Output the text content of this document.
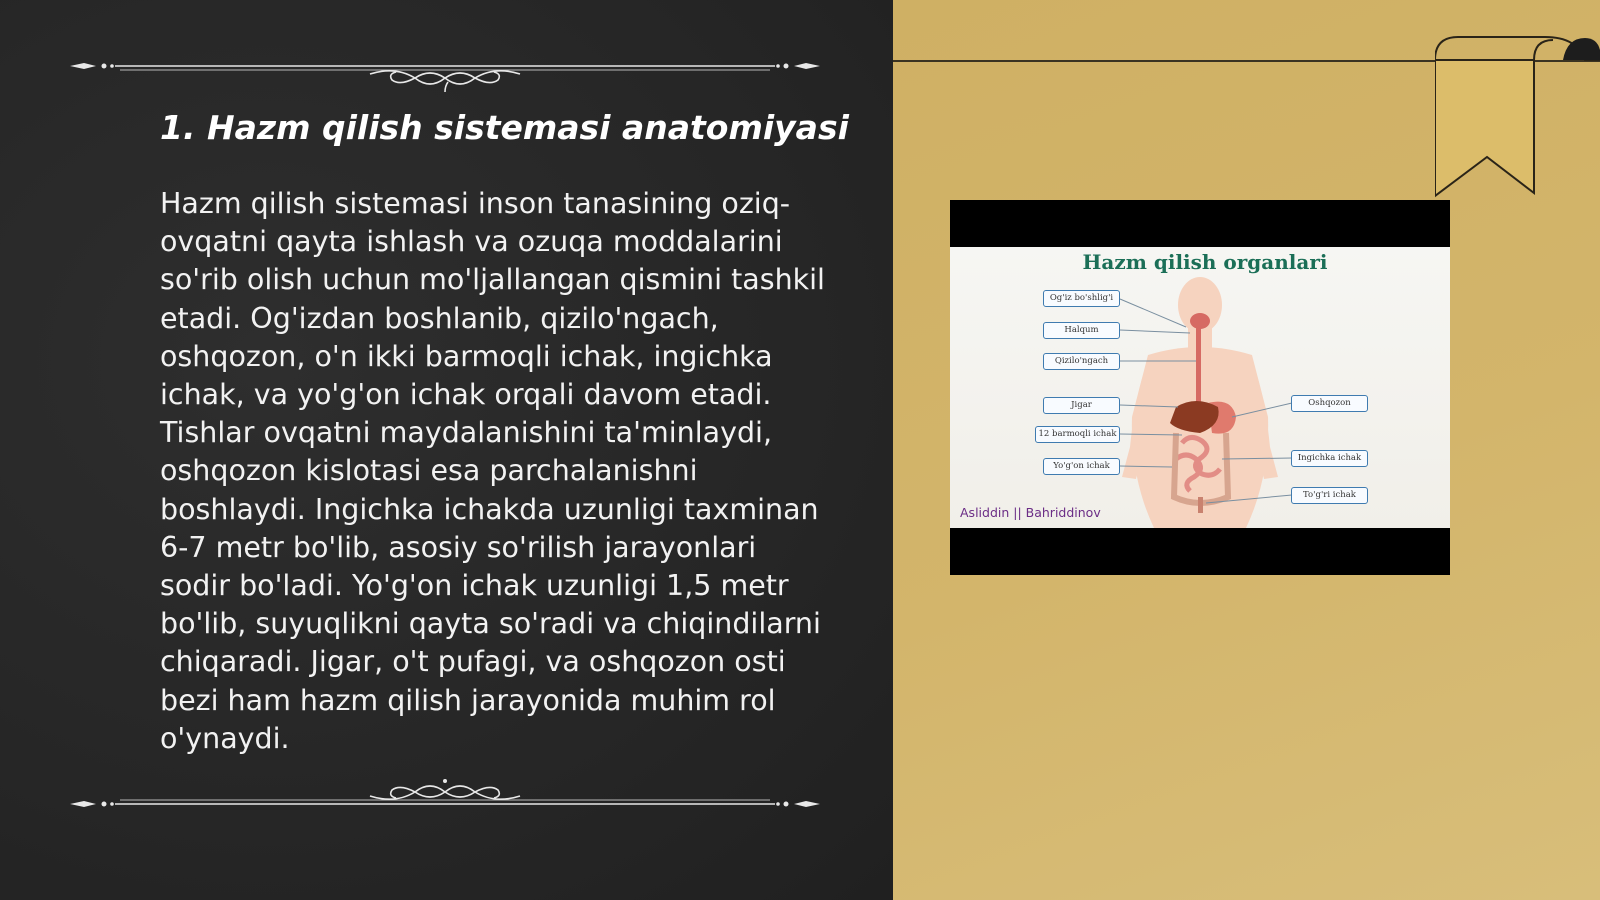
1. Hazm qilish sistemasi anatomiyasi

Hazm qilish sistemasi inson tanasining oziq-ovqatni qayta ishlash va ozuqa moddalarini so'rib olish uchun mo'ljallangan qismini tashkil etadi. Og'izdan boshlanib, qizilo'ngach, oshqozon, o'n ikki barmoqli ichak, ingichka ichak, va yo'g'on ichak orqali davom etadi. Tishlar ovqatni maydalanishini ta'minlaydi, oshqozon kislotasi esa parchalanishni boshlaydi. Ingichka ichakda uzunligi taxminan 6-7 metr bo'lib, asosiy so'rilish jarayonlari sodir bo'ladi. Yo'g'on ichak uzunligi 1,5 metr bo'lib, suyuqlikni qayta so'radi va chiqindilarni chiqaradi. Jigar, o't pufagi, va oshqozon osti bezi ham hazm qilish jarayonida muhim rol o'ynaydi.

Hazm qilish organlari
Og'iz bo'shlig'i
Halqum
Qizilo'ngach
Jigar
12 barmoqli ichak
Yo'g'on ichak
Oshqozon
Ingichka ichak
To'g'ri ichak
Asliddin || Bahriddinov
